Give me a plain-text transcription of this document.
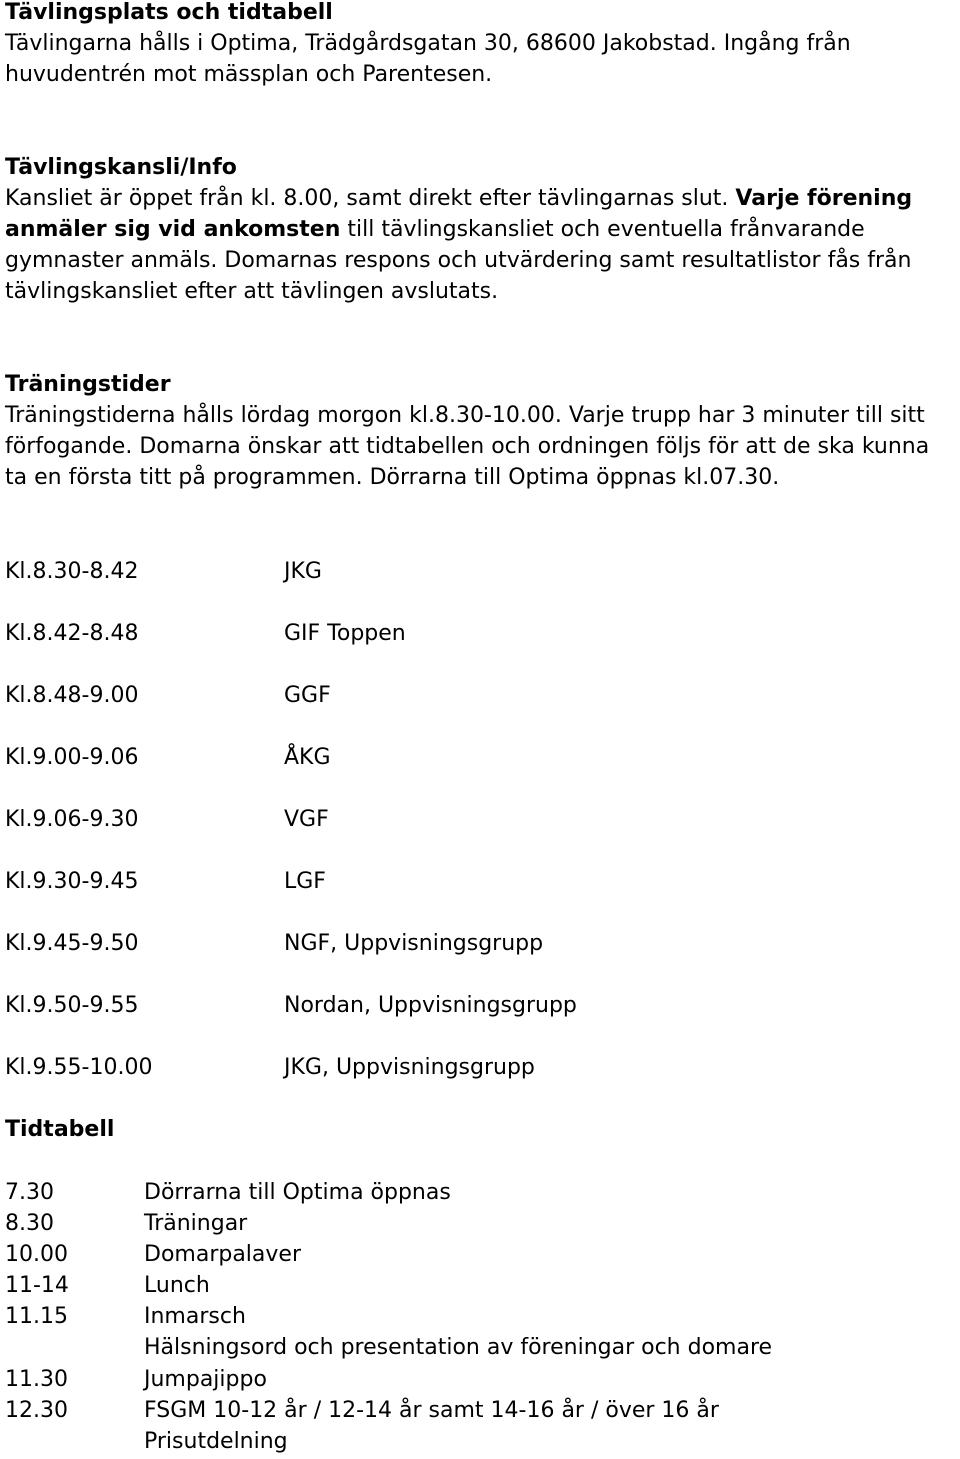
Tävlingsplats och tidtabell
Tävlingarna hålls i Optima, Trädgårdsgatan 30, 68600 Jakobstad. Ingång från
huvudentrén mot mässplan och Parentesen.
Tävlingskansli/Info
Kansliet är öppet från kl. 8.00, samt direkt efter tävlingarnas slut. Varje förening
anmäler sig vid ankomsten till tävlingskansliet och eventuella frånvarande
gymnaster anmäls. Domarnas respons och utvärdering samt resultatlistor fås från
tävlingskansliet efter att tävlingen avslutats.
Träningstider
Träningstiderna hålls lördag morgon kl.8.30-10.00. Varje trupp har 3 minuter till sitt
förfogande. Domarna önskar att tidtabellen och ordningen följs för att de ska kunna
ta en första titt på programmen. Dörrarna till Optima öppnas kl.07.30.
Kl.8.30-8.42	JKG
Kl.8.42-8.48	GIF Toppen
Kl.8.48-9.00	GGF
Kl.9.00-9.06	ÅKG
Kl.9.06-9.30	VGF
Kl.9.30-9.45	LGF
Kl.9.45-9.50	NGF, Uppvisningsgrupp
Kl.9.50-9.55	Nordan, Uppvisningsgrupp
Kl.9.55-10.00	JKG, Uppvisningsgrupp
Tidtabell
7.30	Dörrarna till Optima öppnas
8.30	Träningar
10.00	Domarpalaver
11-14	Lunch
11.15	Inmarsch
Hälsningsord och presentation av föreningar och domare
11.30	Jumpajippo
12.30	FSGM 10-12 år / 12-14 år samt 14-16 år / över 16 år
Prisutdelning
